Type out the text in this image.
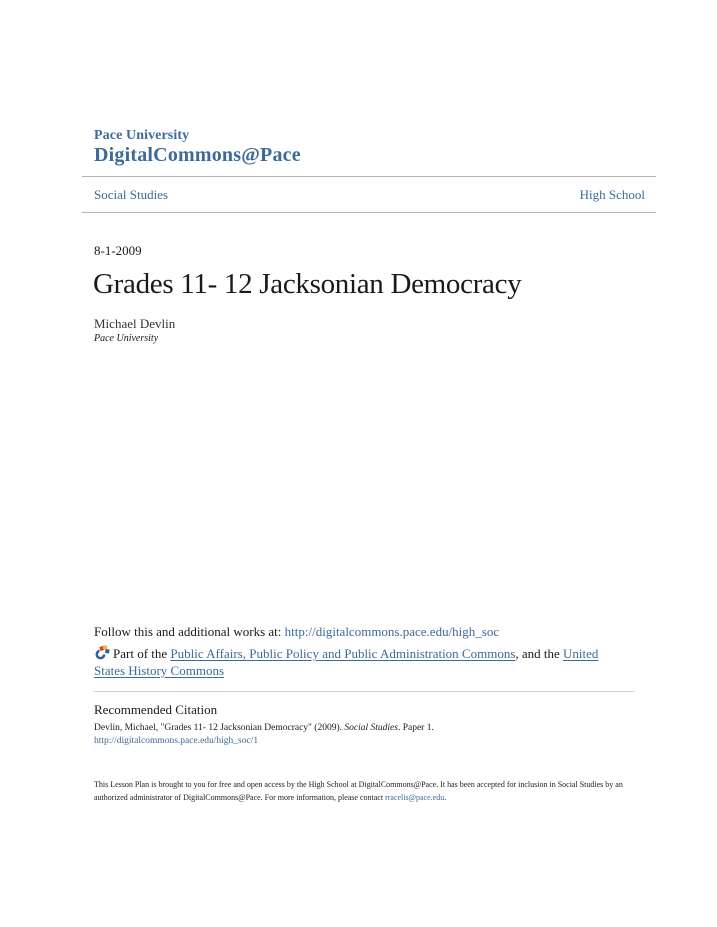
Pace University
DigitalCommons@Pace
Social Studies	High School
8-1-2009
Grades 11- 12 Jacksonian Democracy
Michael Devlin
Pace University
Follow this and additional works at: http://digitalcommons.pace.edu/high_soc
Part of the Public Affairs, Public Policy and Public Administration Commons, and the United States History Commons
Recommended Citation
Devlin, Michael, "Grades 11- 12 Jacksonian Democracy" (2009). Social Studies. Paper 1.
http://digitalcommons.pace.edu/high_soc/1
This Lesson Plan is brought to you for free and open access by the High School at DigitalCommons@Pace. It has been accepted for inclusion in Social Studies by an authorized administrator of DigitalCommons@Pace. For more information, please contact rracelis@pace.edu.
